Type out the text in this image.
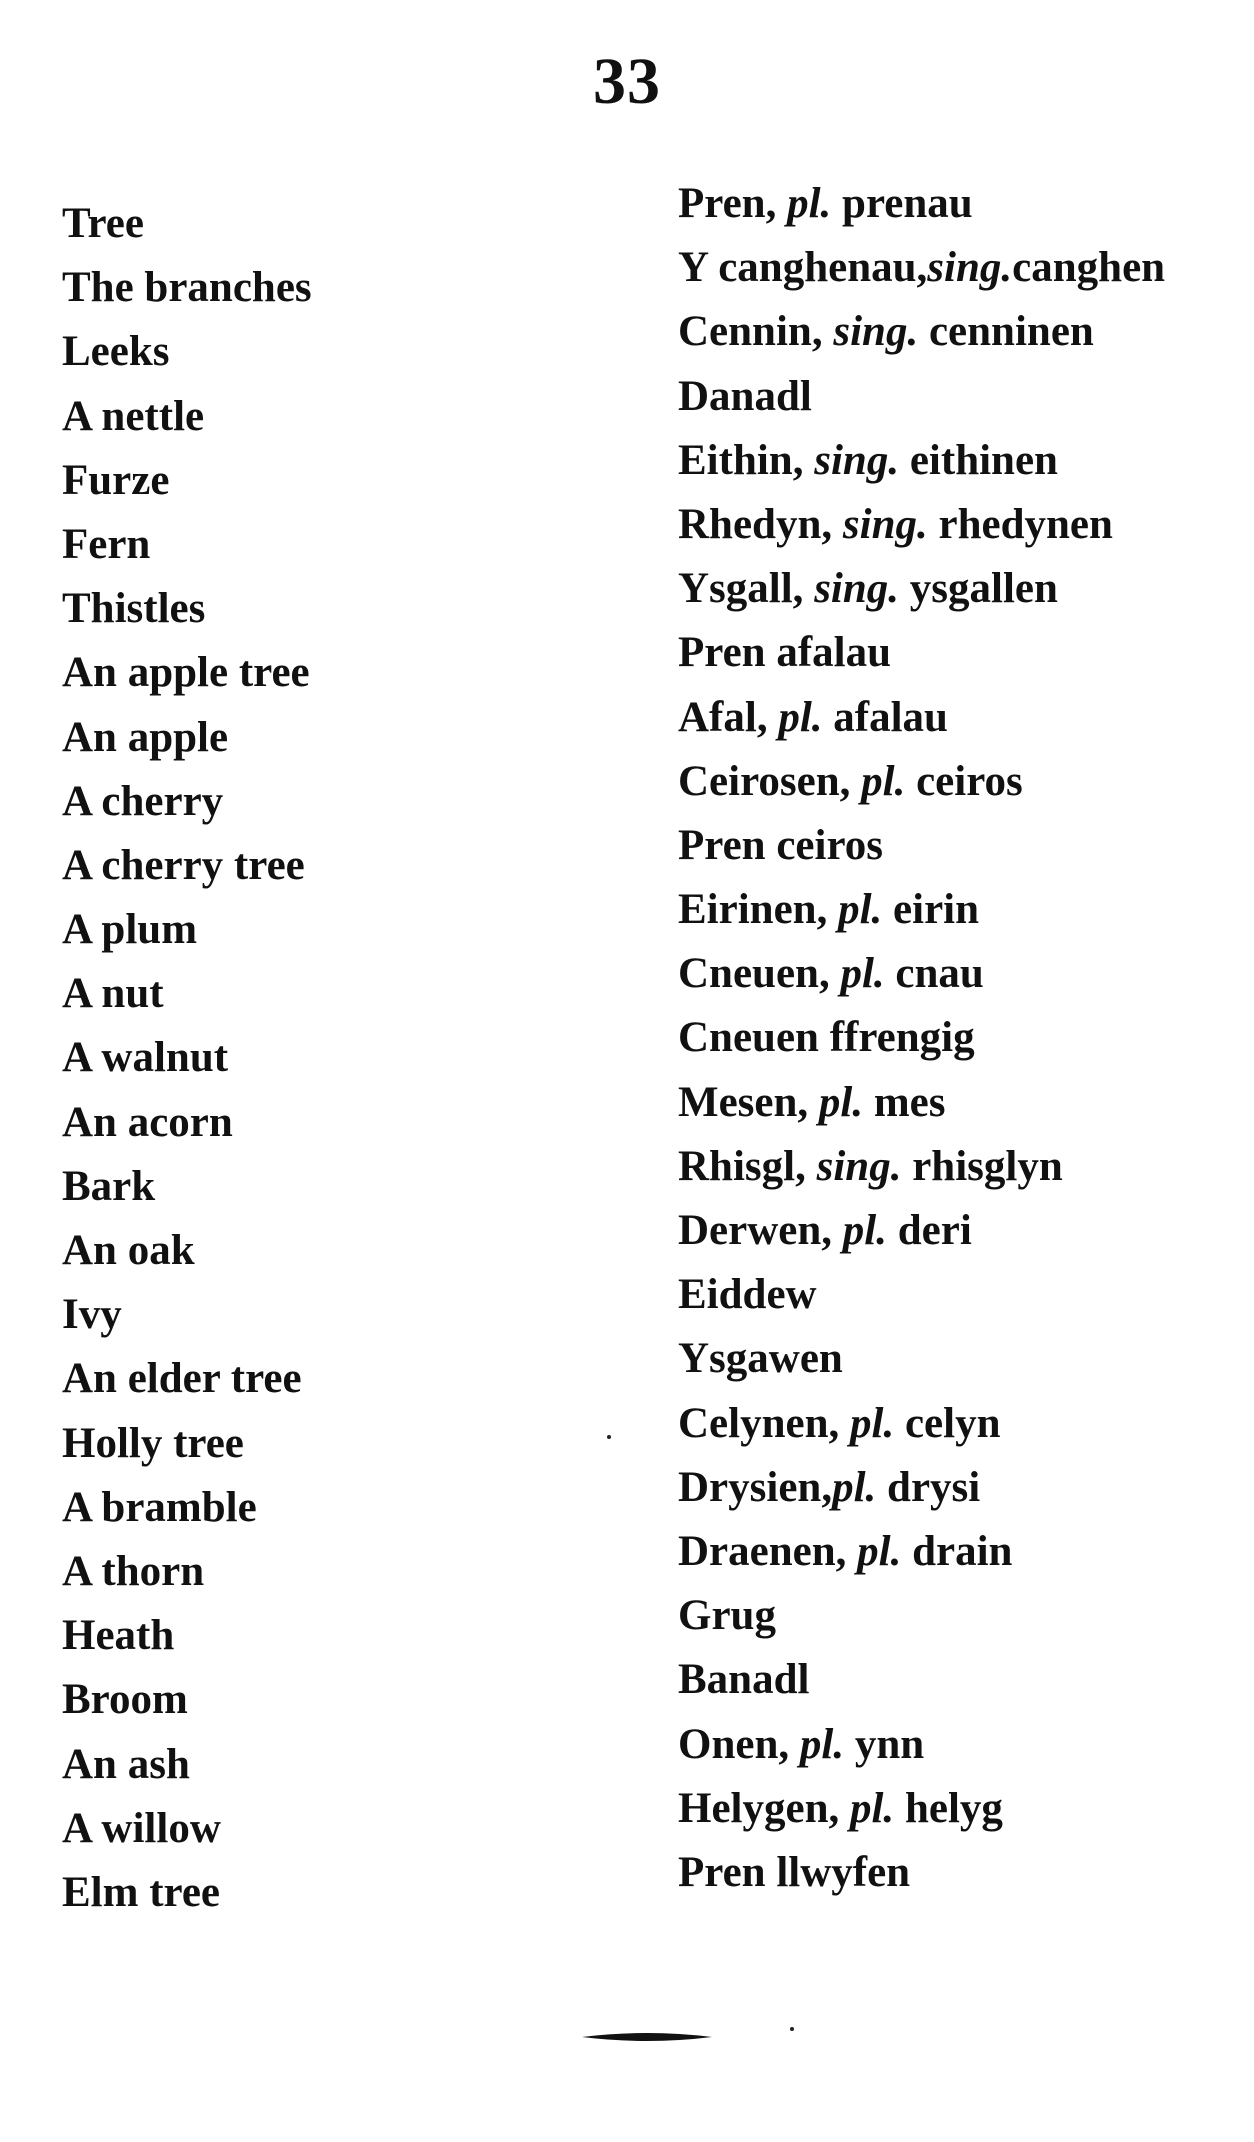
33
Tree	Pren, pl. prenau
The branches	Y canghenau,sing.canghen
Leeks	Cennin, sing. cenninen
A nettle	Danadl
Furze	Eithin, sing. eithinen
Fern	Rhedyn, sing. rhedynen
Thistles	Ysgall, sing. ysgallen
An apple tree	Pren afalau
An apple	Afal, pl. afalau
A cherry	Ceirosen, pl. ceiros
A cherry tree	Pren ceiros
A plum	Eirinen, pl. eirin
A nut	Cneuen, pl. cnau
A walnut	Cneuen ffrengig
An acorn	Mesen, pl. mes
Bark	Rhisgl, sing. rhisglyn
An oak	Derwen, pl. deri
Ivy	Eiddew
An elder tree	Ysgawen
Holly tree	Celynen, pl. celyn
A bramble	Drysien,pl. drysi
A thorn	Draenen, pl. drain
Heath	Grug
Broom	Banadl
An ash	Onen, pl. ynn
A willow	Helygen, pl. helyg
Elm tree	Pren llwyfen
